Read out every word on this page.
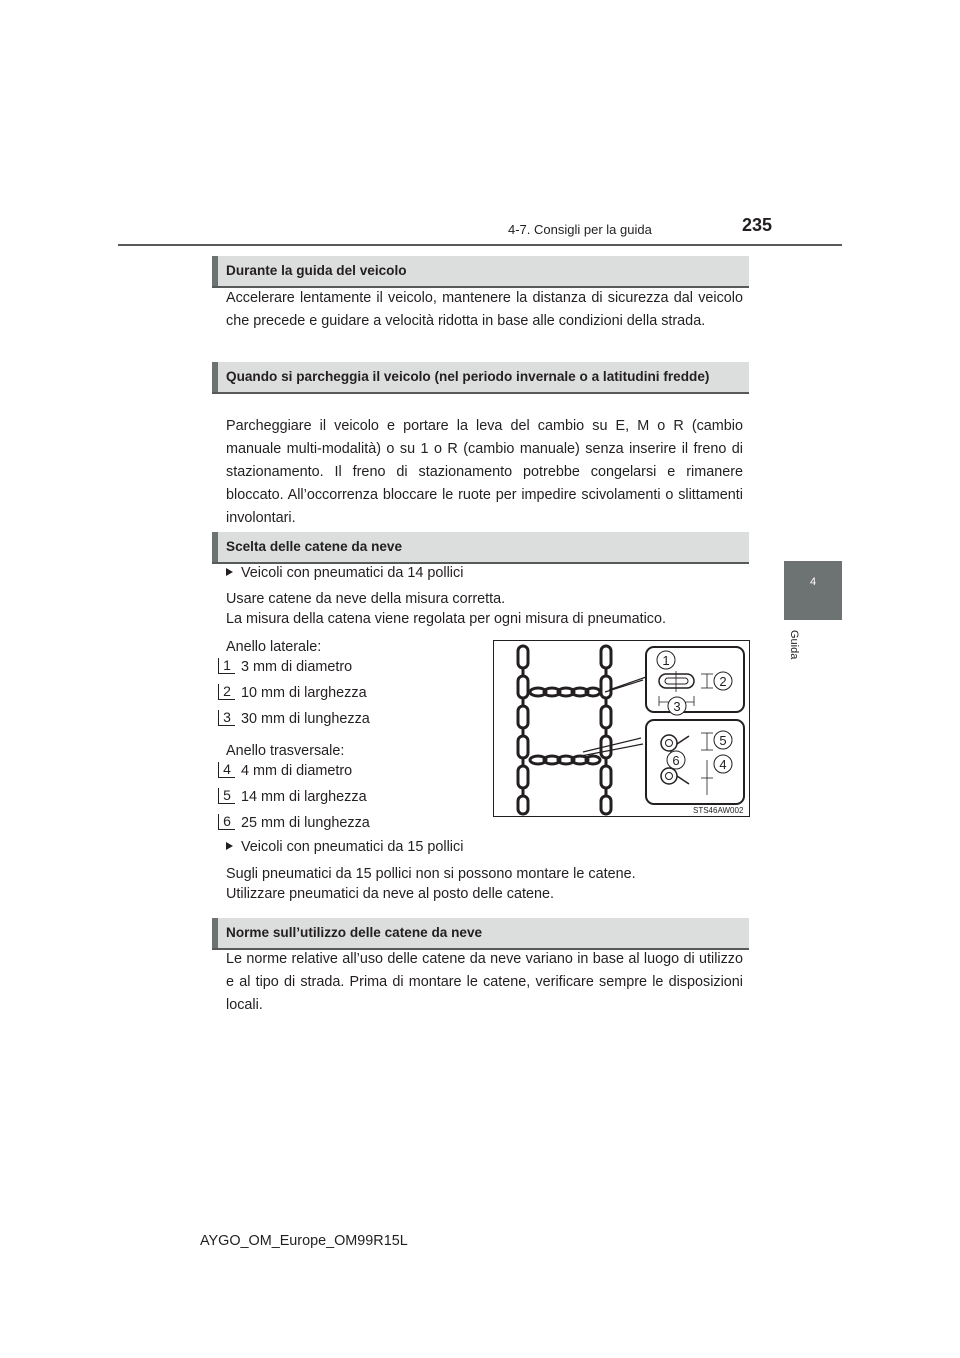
4-7. Consigli per la guida	235
4
Guida
Durante la guida del veicolo
Accelerare lentamente il veicolo, mantenere la distanza di sicurezza dal veicolo che precede e guidare a velocità ridotta in base alle condizioni della strada.
Quando si parcheggia il veicolo (nel periodo invernale o a latitudini fredde)
Parcheggiare il veicolo e portare la leva del cambio su E, M o R (cambio manuale multi-modalità) o su 1 o R (cambio manuale) senza inserire il freno di stazionamento. Il freno di stazionamento potrebbe congelarsi e rimanere bloccato. All’occorrenza bloccare le ruote per impedire scivolamenti o slittamenti involontari.
Scelta delle catene da neve
Veicoli con pneumatici da 14 pollici
Usare catene da neve della misura corretta.
La misura della catena viene regolata per ogni misura di pneumatico.
Anello laterale:
1 3 mm di diametro
2 10 mm di larghezza
3 30 mm di lunghezza
Anello trasversale:
4 4 mm di diametro
5 14 mm di larghezza
6 25 mm di lunghezza
Veicoli con pneumatici da 15 pollici
Sugli pneumatici da 15 pollici non si possono montare le catene.
Utilizzare pneumatici da neve al posto delle catene.
1
2
3
5
4
6
STS46AW002
Norme sull’utilizzo delle catene da neve
Le norme relative all’uso delle catene da neve variano in base al luogo di utilizzo e al tipo di strada. Prima di montare le catene, verificare sempre le disposizioni locali.
AYGO_OM_Europe_OM99R15L
